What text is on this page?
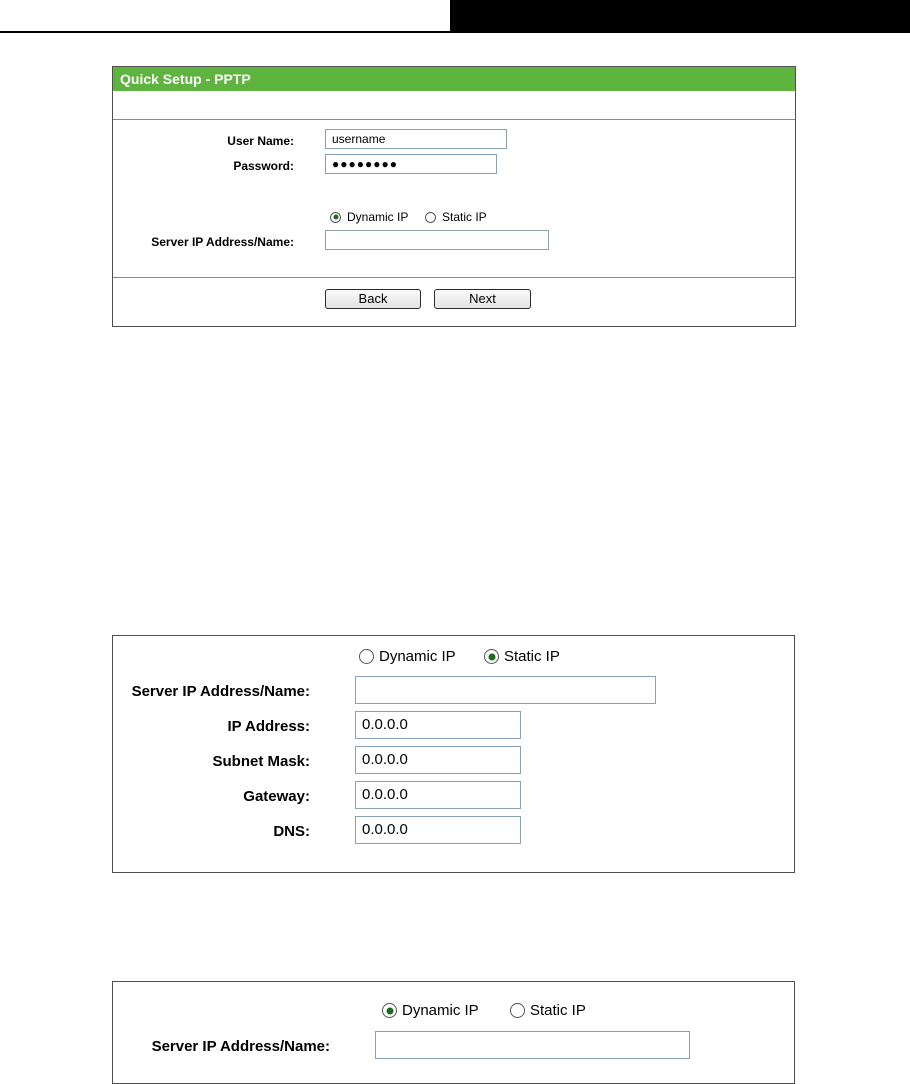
Quick Setup - PPTP
User Name:	username
Password:	●●●●●●●●
Dynamic IP	Static IP
Server IP Address/Name:
Back	Next
Dynamic IP	Static IP
Server IP Address/Name:
IP Address:	0.0.0.0
Subnet Mask:	0.0.0.0
Gateway:	0.0.0.0
DNS:	0.0.0.0
Dynamic IP	Static IP
Server IP Address/Name:
